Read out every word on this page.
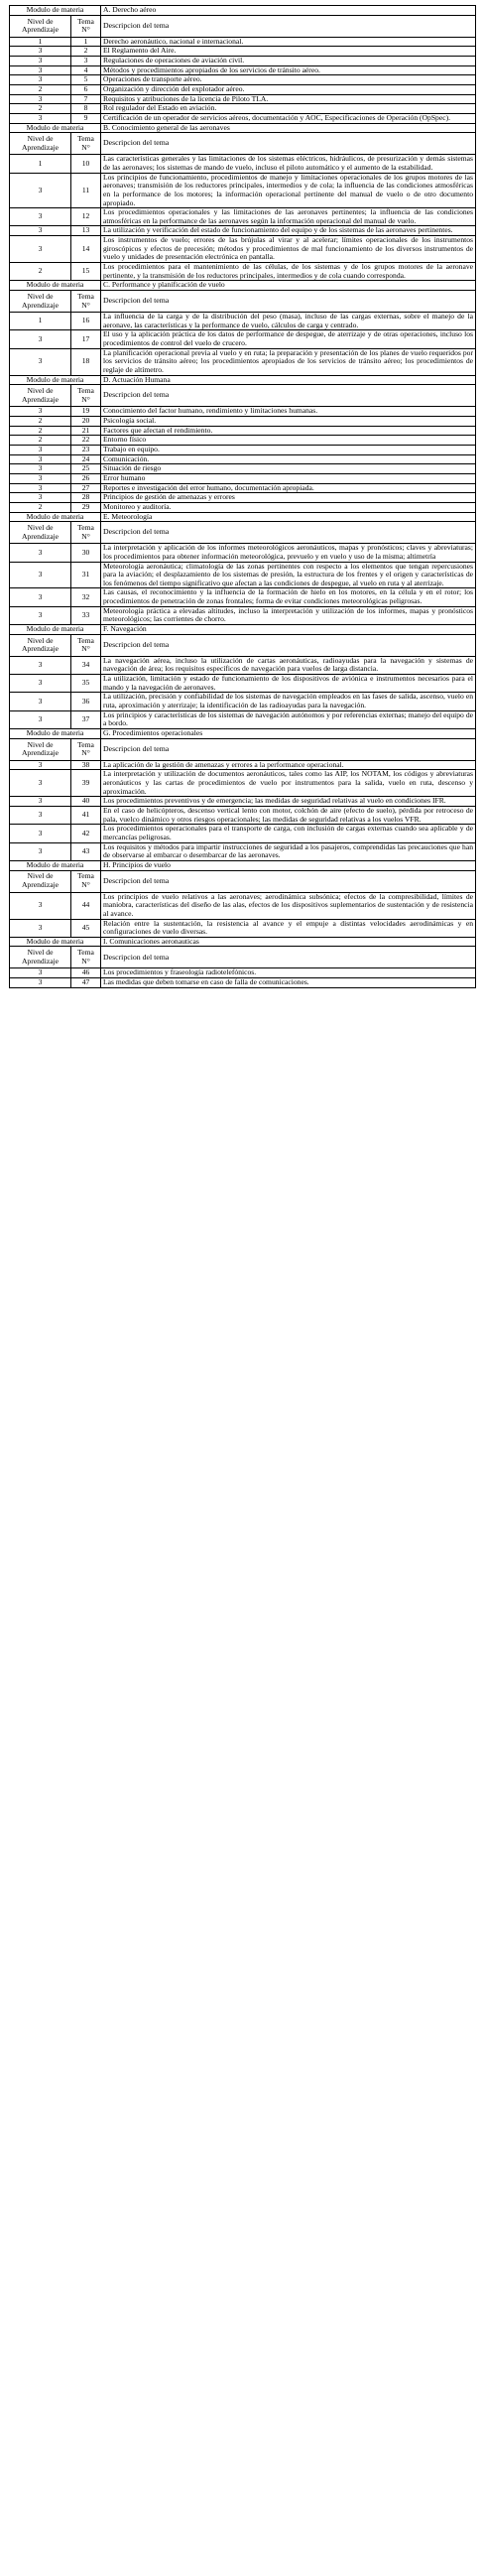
Modulo de materia		A. Derecho aéreo
Nivel de Aprendizaje	Tema N°	Descripcion del tema
1	1	Derecho aeronáutico, nacional e internacional.
3	2	El Reglamento del Aire.
3	3	Regulaciones de operaciones de aviación civil.
3	4	Métodos y procedimientos apropiados de los servicios de tránsito aéreo.
3	5	Operaciones de transporte aéreo.
2	6	Organización y dirección del explotador aéreo.
3	7	Requisitos y atribuciones de la licencia de Piloto TLA.
2	8	Rol regulador del Estado en aviación.
3	9	Certificación de un operador de servicios aéreos, documentación y AOC, Especificaciones de Operación (OpSpec).
Modulo de materia		B. Conocimiento general de las aeronaves
Nivel de Aprendizaje	Tema N°	Descripcion del tema
1	10	Las características generales y las limitaciones de los sistemas eléctricos, hidráulicos, de presurización y demás sistemas de las aeronaves; los sistemas de mando de vuelo, incluso el piloto automático y el aumento de la estabilidad.
3	11	Los principios de funcionamiento, procedimientos de manejo y limitaciones operacionales de los grupos motores de las aeronaves; transmisión de los reductores principales, intermedios y de cola; la influencia de las condiciones atmosféricas en la performance de los motores; la información operacional pertinente del manual de vuelo o de otro documento apropiado.
3	12	Los procedimientos operacionales y las limitaciones de las aeronaves pertinentes; la influencia de las condiciones atmosféricas en la performance de las aeronaves según la información operacional del manual de vuelo.
3	13	La utilización y verificación del estado de funcionamiento del equipo y de los sistemas de las aeronaves pertinentes.
3	14	Los instrumentos de vuelo; errores de las brújulas al virar y al acelerar; límites operacionales de los instrumentos giroscópicos y efectos de precesión; métodos y procedimientos de mal funcionamiento de los diversos instrumentos de vuelo y unidades de presentación electrónica en pantalla.
2	15	Los procedimientos para el mantenimiento de las células, de los sistemas y de los grupos motores de la aeronave pertinente, y la transmisión de los reductores principales, intermedios y de cola cuando corresponda.
Modulo de materia		C. Performance y planificación de vuelo
Nivel de Aprendizaje	Tema N°	Descripcion del tema
1	16	La influencia de la carga y de la distribución del peso (masa), incluso de las cargas externas, sobre el manejo de la aeronave, las características y la performance de vuelo, cálculos de carga y centrado.
3	17	El uso y la aplicación práctica de los datos de performance de despegue, de aterrizaje y de otras operaciones, incluso los procedimientos de control del vuelo de crucero.
3	18	La planificación operacional previa al vuelo y en ruta; la preparación y presentación de los planes de vuelo requeridos por los servicios de tránsito aéreo; los procedimientos apropiados de los servicios de tránsito aéreo; los procedimientos de reglaje de altímetro.
Modulo de materia		D. Actuación Humana
Nivel de Aprendizaje	Tema N°	Descripcion del tema
3	19	Conocimiento del factor humano, rendimiento y limitaciones humanas.
2	20	Psicología social.
2	21	Factores que afectan el rendimiento.
2	22	Entorno físico
3	23	Trabajo en equipo.
3	24	Comunicación.
3	25	Situación de riesgo
3	26	Error humano
3	27	Reportes e investigación del error humano, documentación apropiada.
3	28	Principios de gestión de amenazas y errores
2	29	Monitoreo y auditoría.
Modulo de materia		E. Meteorología
Nivel de Aprendizaje	Tema N°	Descripcion del tema
3	30	La interpretación y aplicación de los informes meteorológicos aeronáuticos, mapas y pronósticos; claves y abreviaturas; los procedimientos para obtener información meteorológica, prevuelo y en vuelo y uso de la misma; altimetría
3	31	Meteorología aeronáutica; climatología de las zonas pertinentes con respecto a los elementos que tengan repercusiones para la aviación; el desplazamiento de los sistemas de presión, la estructura de los frentes y el origen y características de los fenómenos del tiempo significativo que afectan a las condiciones de despegue, al vuelo en ruta y al aterrizaje.
3	32	Las causas, el reconocimiento y la influencia de la formación de hielo en los motores, en la célula y en el rotor; los procedimientos de penetración de zonas frontales; forma de evitar condiciones meteorológicas peligrosas.
3	33	Meteorología práctica a elevadas altitudes, incluso la interpretación y utilización de los informes, mapas y pronósticos meteorológicos; las corrientes de chorro.
Modulo de materia		F. Navegación
Nivel de Aprendizaje	Tema N°	Descripcion del tema
3	34	La navegación aérea, incluso la utilización de cartas aeronáuticas, radioayudas para la navegación y sistemas de navegación de área; los requisitos específicos de navegación para vuelos de larga distancia.
3	35	La utilización, limitación y estado de funcionamiento de los dispositivos de aviónica e instrumentos necesarios para el mando y la navegación de aeronaves.
3	36	La utilización, precisión y confiabilidad de los sistemas de navegación empleados en las fases de salida, ascenso, vuelo en ruta, aproximación y aterrizaje; la identificación de las radioayudas para la navegación.
3	37	Los principios y características de los sistemas de navegación autónomos y por referencias externas; manejo del equipo de a bordo.
Modulo de materia		G. Procedimientos operacionales
Nivel de Aprendizaje	Tema N°	Descripcion del tema
3	38	La aplicación de la gestión de amenazas y errores a la performance operacional.
3	39	La interpretación y utilización de documentos aeronáuticos, tales como las AIP, los NOTAM, los códigos y abreviaturas aeronáuticos y las cartas de procedimientos de vuelo por instrumentos para la salida, vuelo en ruta, descenso y aproximación.
3	40	Los procedimientos preventivos y de emergencia; las medidas de seguridad relativas al vuelo en condiciones IFR.
3	41	En el caso de helicópteros, descenso vertical lento con motor, colchón de aire (efecto de suelo), pérdida por retroceso de pala, vuelco dinámico y otros riesgos operacionales; las medidas de seguridad relativas a los vuelos VFR.
3	42	Los procedimientos operacionales para el transporte de carga, con inclusión de cargas externas cuando sea aplicable y de mercancías peligrosas.
3	43	Los requisitos y métodos para impartir instrucciones de seguridad a los pasajeros, comprendidas las precauciones que han de observarse al embarcar o desembarcar de las aeronaves.
Modulo de materia		H. Principios de vuelo
Nivel de Aprendizaje	Tema N°	Descripcion del tema
3	44	Los principios de vuelo relativos a las aeronaves; aerodinámica subsónica; efectos de la compresibilidad, límites de maniobra, características del diseño de las alas, efectos de los dispositivos suplementarios de sustentación y de resistencia al avance.
3	45	Relación entre la sustentación, la resistencia al avance y el empuje a distintas velocidades aerodinámicas y en configuraciones de vuelo diversas.
Modulo de materia		I. Comunicaciones aeronauticas
Nivel de Aprendizaje	Tema N°	Descripcion del tema
3	46	Los procedimientos y fraseología radiotelefónicos.
3	47	Las medidas que deben tomarse en caso de falla de comunicaciones.
